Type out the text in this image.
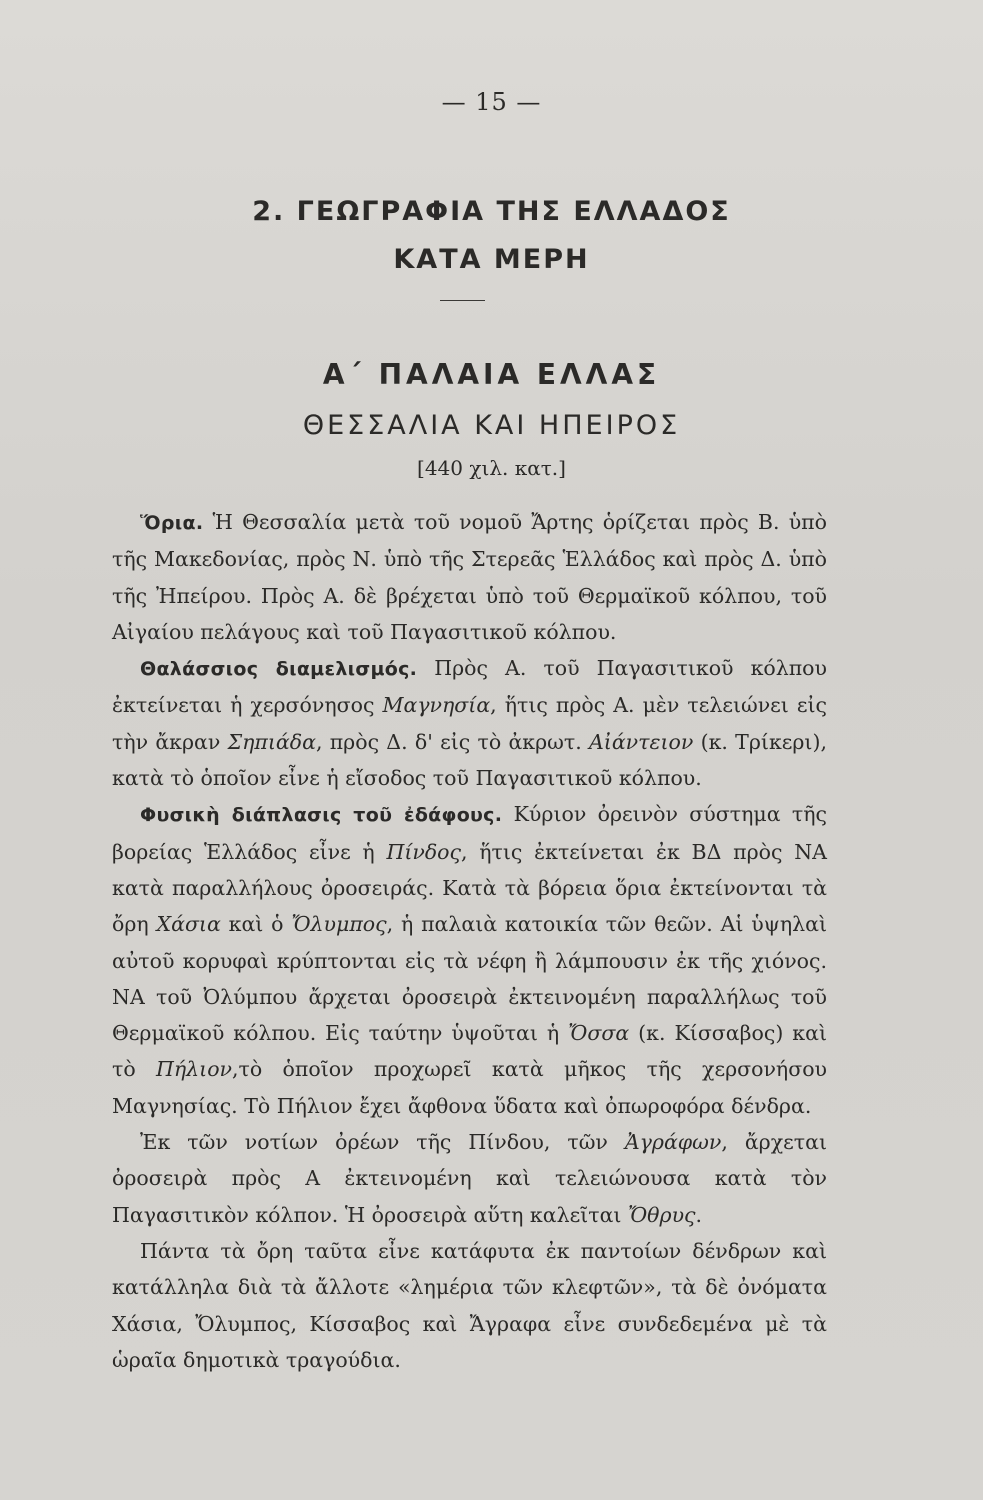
— 15 —
2. ΓΕΩΓΡΑΦΙΑ ΤΗΣ ΕΛΛΑΔΟΣ
ΚΑΤΑ ΜΕΡΗ
Α΄ ΠΑΛΑΙΑ ΕΛΛΑΣ
ΘΕΣΣΑΛΙΑ ΚΑΙ ΗΠΕΙΡΟΣ
[440 χιλ. κατ.]

Ὅρια. Ἡ Θεσσαλία μετὰ τοῦ νομοῦ Ἄρτης ὁρίζεται πρὸς Β. ὑπὸ τῆς Μακεδονίας, πρὸς Ν. ὑπὸ τῆς Στερεᾶς Ἑλλάδος καὶ πρὸς Δ. ὑπὸ τῆς Ἠπείρου. Πρὸς Α. δὲ βρέχεται ὑπὸ τοῦ Θερμαϊκοῦ κόλπου, τοῦ Αἰγαίου πελάγους καὶ τοῦ Παγασιτικοῦ κόλπου.

Θαλάσσιος διαμελισμός. Πρὸς Α. τοῦ Παγασιτικοῦ κόλπου ἐκτείνεται ἡ χερσόνησος Μαγνησία, ἥτις πρὸς Α. μὲν τελειώνει εἰς τὴν ἄκραν Σηπιάδα, πρὸς Δ. δ' εἰς τὸ ἀκρωτ. Αἰάντειον (κ. Τρίκερι), κατὰ τὸ ὁποῖον εἶνε ἡ εἴσοδος τοῦ Παγασιτικοῦ κόλπου.

Φυσικὴ διάπλασις τοῦ ἐδάφους. Κύριον ὀρεινὸν σύστημα τῆς βορείας Ἑλλάδος εἶνε ἡ Πίνδος, ἥτις ἐκτείνεται ἐκ ΒΔ πρὸς ΝΑ κατὰ παραλλήλους ὀροσειράς. Κατὰ τὰ βόρεια ὅρια ἐκτείνονται τὰ ὄρη Χάσια καὶ ὁ Ὄλυμπος, ἡ παλαιὰ κατοικία τῶν θεῶν. Αἱ ὑψηλαὶ αὐτοῦ κορυφαὶ κρύπτονται εἰς τὰ νέφη ἢ λάμπουσιν ἐκ τῆς χιόνος. ΝΑ τοῦ Ὀλύμπου ἄρχεται ὀροσειρὰ ἐκτεινομένη παραλλήλως τοῦ Θερμαϊκοῦ κόλπου. Εἰς ταύτην ὑψοῦται ἡ Ὄσσα (κ. Κίσσαβος) καὶ τὸ Πήλιον,τὸ ὁποῖον προχωρεῖ κατὰ μῆκος τῆς χερσονήσου Μαγνησίας. Τὸ Πήλιον ἔχει ἄφθονα ὕδατα καὶ ὀπωροφόρα δένδρα.

Ἐκ τῶν νοτίων ὀρέων τῆς Πίνδου, τῶν Ἀγράφων, ἄρχεται ὀροσειρὰ πρὸς Α ἐκτεινομένη καὶ τελειώνουσα κατὰ τὸν Παγασιτικὸν κόλπον. Ἡ ὀροσειρὰ αὕτη καλεῖται Ὄθρυς.

Πάντα τὰ ὄρη ταῦτα εἶνε κατάφυτα ἐκ παντοίων δένδρων καὶ κατάλληλα διὰ τὰ ἄλλοτε «λημέρια τῶν κλεφτῶν», τὰ δὲ ὀνόματα Χάσια, Ὄλυμπος, Κίσσαβος καὶ Ἄγραφα εἶνε συνδεδεμένα μὲ τὰ ὡραῖα δημοτικὰ τραγούδια.
